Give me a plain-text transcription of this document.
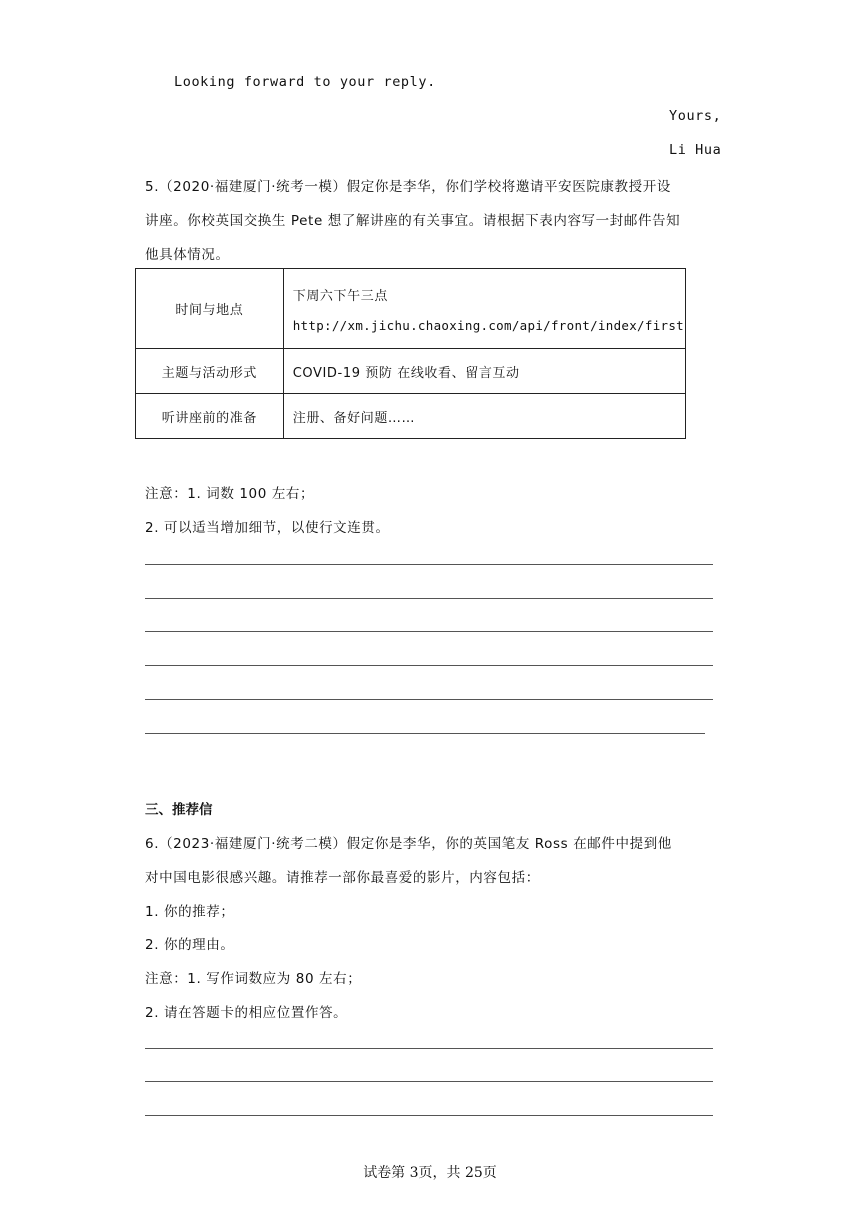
Looking forward to your reply.
Yours,
Li Hua
5.（2020·福建厦门·统考一模）假定你是李华，你们学校将邀请平安医院康教授开设
讲座。你校英国交换生 Pete 想了解讲座的有关事宜。请根据下表内容写一封邮件告知
他具体情况。
时间与地点	下周六下午三点
http://xm.jichu.chaoxing.com/api/front/index/first

主题与活动形式	COVID-19 预防 在线收看、留言互动
听讲座前的准备	注册、备好问题……
注意：1. 词数 100 左右；
2. 可以适当增加细节，以使行文连贯。
三、推荐信
6.（2023·福建厦门·统考二模）假定你是李华，你的英国笔友 Ross 在邮件中提到他
对中国电影很感兴趣。请推荐一部你最喜爱的影片，内容包括：
1. 你的推荐；
2. 你的理由。
注意：1. 写作词数应为 80 左右；
2. 请在答题卡的相应位置作答。
试卷第 3页，共 25页
